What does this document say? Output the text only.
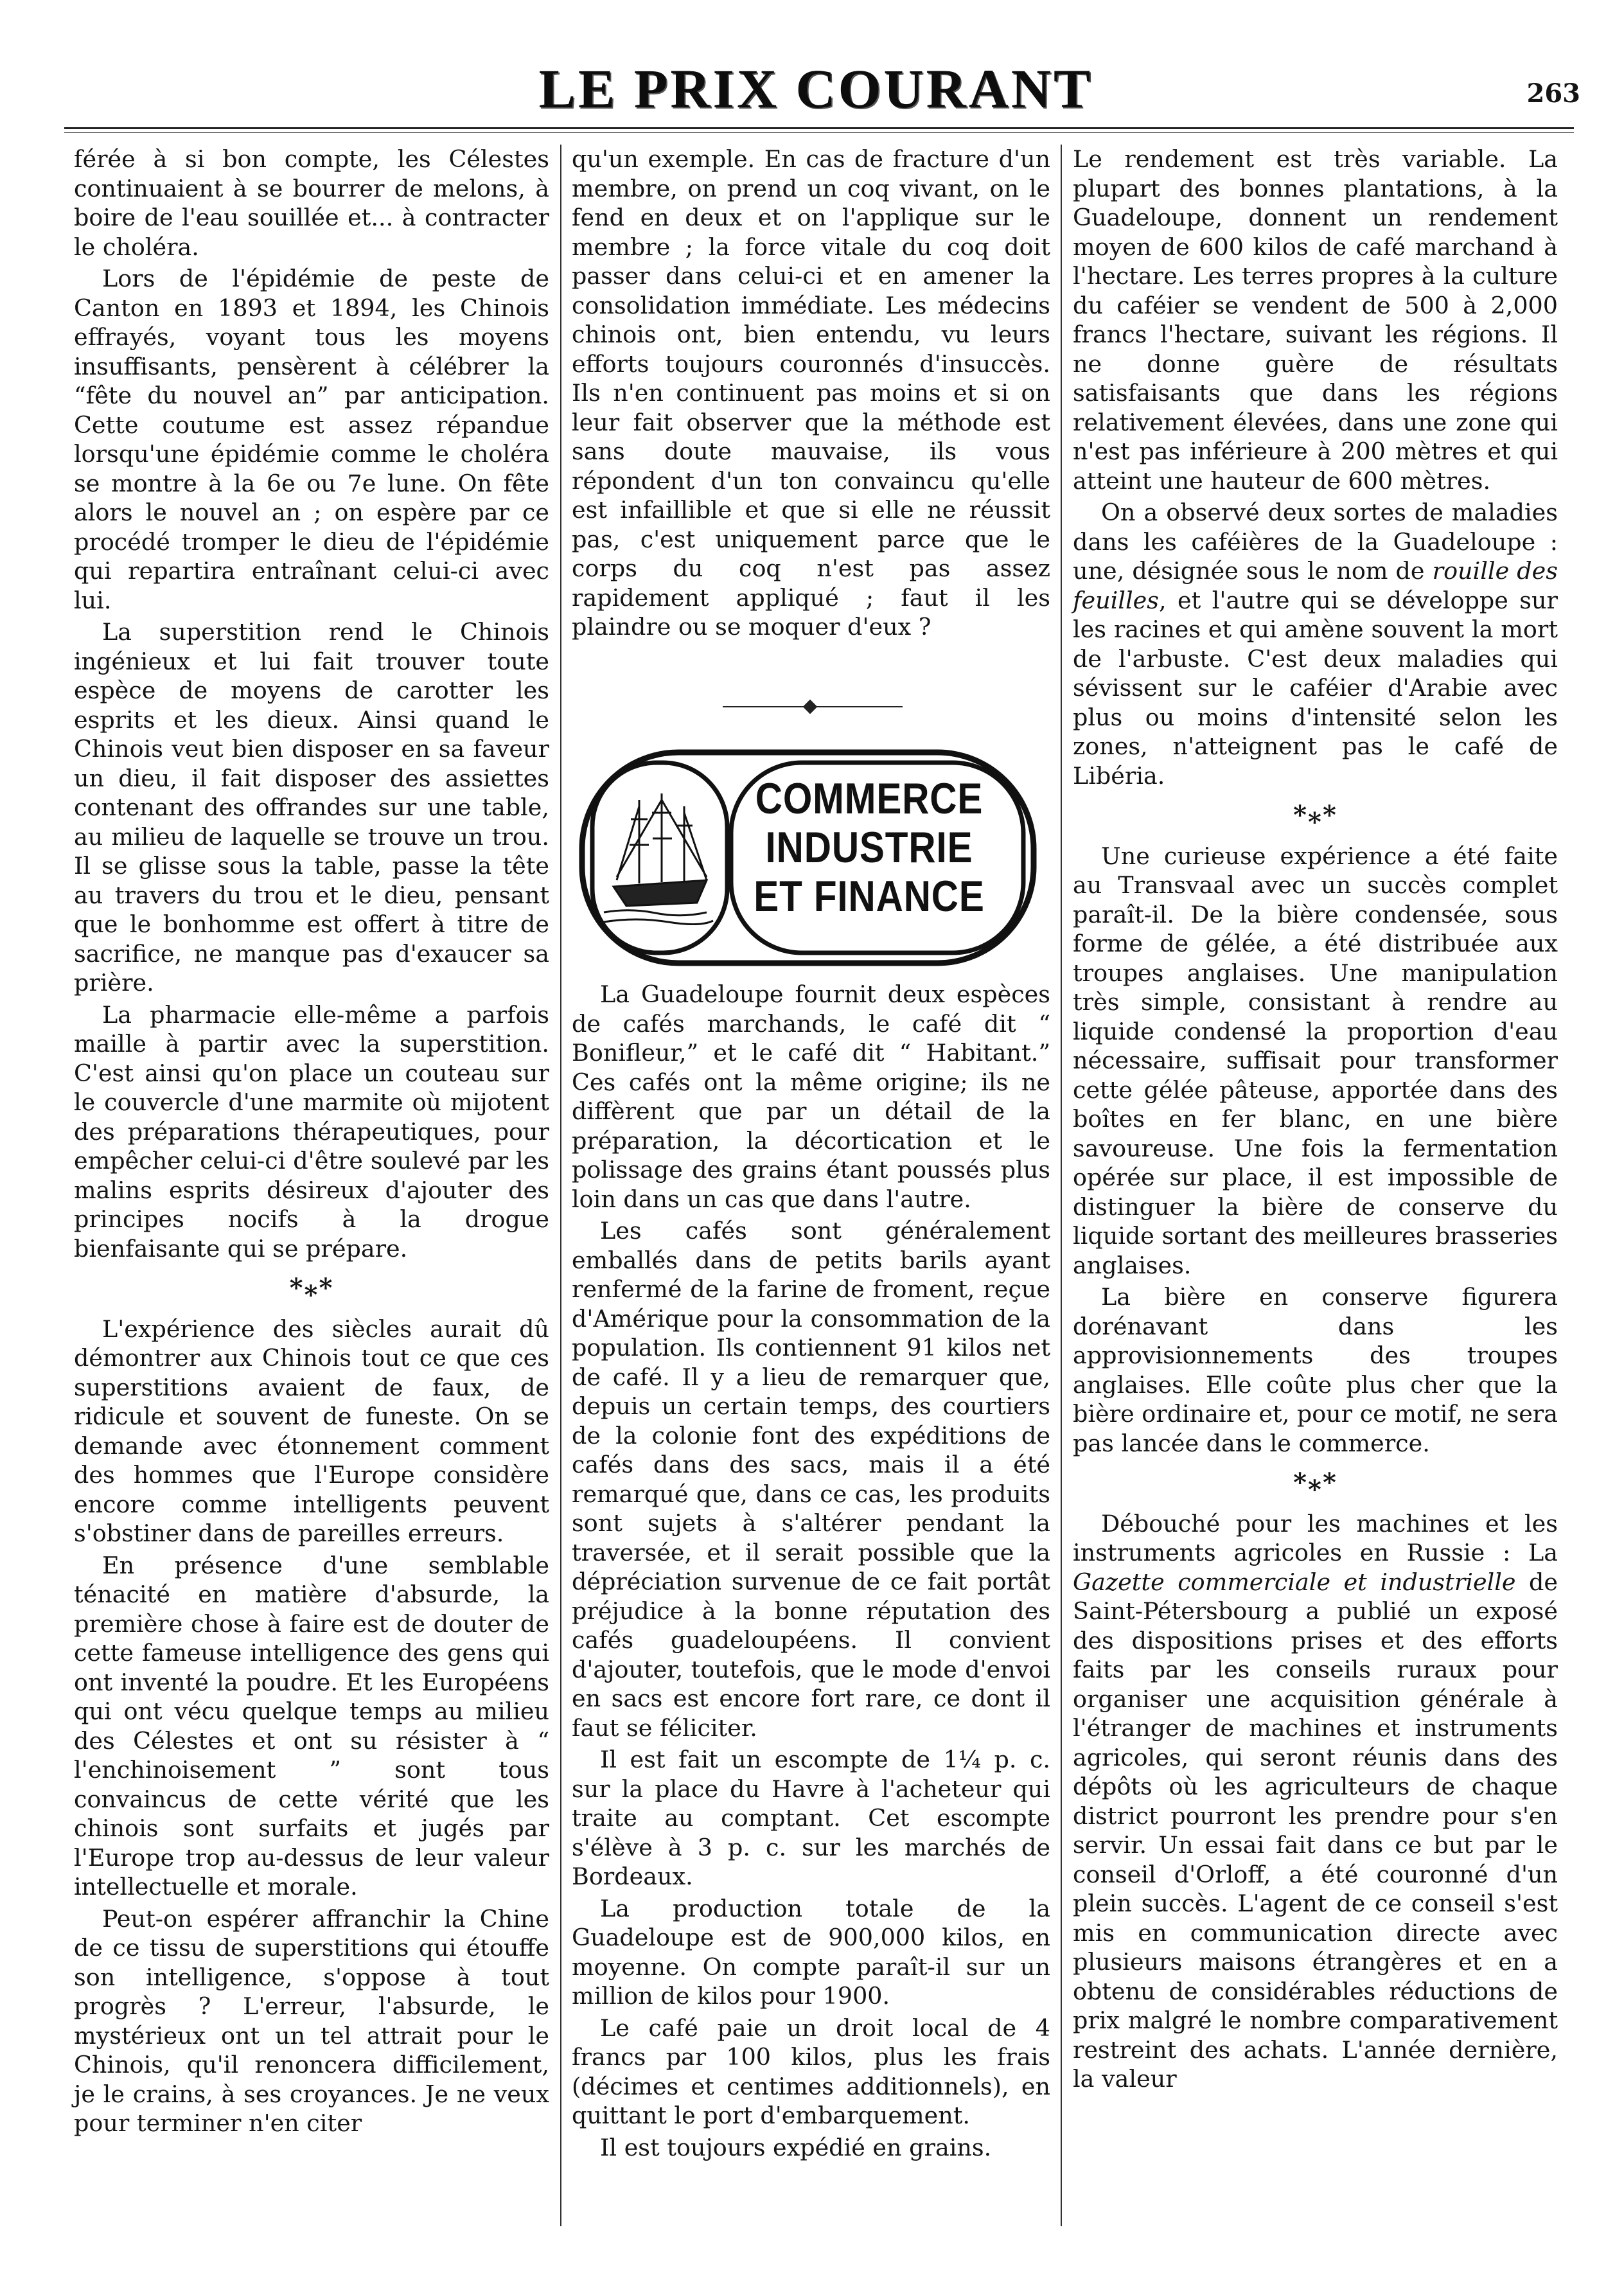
LE PRIX COURANT	263

férée à si bon compte, les Célestes continuaient à se bourrer de melons, à boire de l'eau souillée et... à contracter le choléra.

Lors de l'épidémie de peste de Canton en 1893 et 1894, les Chinois effrayés, voyant tous les moyens insuffisants, pensèrent à célébrer la “fête du nouvel an” par anticipation. Cette coutume est assez répandue lorsqu'une épidémie comme le choléra se montre à la 6e ou 7e lune. On fête alors le nouvel an ; on espère par ce procédé tromper le dieu de l'épidémie qui repartira entraînant celui-ci avec lui.

La superstition rend le Chinois ingénieux et lui fait trouver toute espèce de moyens de carotter les esprits et les dieux. Ainsi quand le Chinois veut bien disposer en sa faveur un dieu, il fait disposer des assiettes contenant des offrandes sur une table, au milieu de laquelle se trouve un trou. Il se glisse sous la table, passe la tête au travers du trou et le dieu, pensant que le bonhomme est offert à titre de sacrifice, ne manque pas d'exaucer sa prière.

La pharmacie elle-même a parfois maille à partir avec la superstition. C'est ainsi qu'on place un couteau sur le couvercle d'une marmite où mijotent des préparations thérapeutiques, pour empêcher celui-ci d'être soulevé par les malins esprits désireux d'ajouter des principes nocifs à la drogue bienfaisante qui se prépare.

*⁎*

L'expérience des siècles aurait dû démontrer aux Chinois tout ce que ces superstitions avaient de faux, de ridicule et souvent de funeste. On se demande avec étonnement comment des hommes que l'Europe considère encore comme intelligents peuvent s'obstiner dans de pareilles erreurs.

En présence d'une semblable ténacité en matière d'absurde, la première chose à faire est de douter de cette fameuse intelligence des gens qui ont inventé la poudre. Et les Européens qui ont vécu quelque temps au milieu des Célestes et ont su résister à “ l'enchinoisement ” sont tous convaincus de cette vérité que les chinois sont surfaits et jugés par l'Europe trop au-dessus de leur valeur intellectuelle et morale.

Peut-on espérer affranchir la Chine de ce tissu de superstitions qui étouffe son intelligence, s'oppose à tout progrès ? L'erreur, l'absurde, le mystérieux ont un tel attrait pour le Chinois, qu'il renoncera difficilement, je le crains, à ses croyances. Je ne veux pour terminer n'en citer

qu'un exemple. En cas de fracture d'un membre, on prend un coq vivant, on le fend en deux et on l'applique sur le membre ; la force vitale du coq doit passer dans celui-ci et en amener la consolidation immédiate. Les médecins chinois ont, bien entendu, vu leurs efforts toujours couronnés d'insuccès. Ils n'en continuent pas moins et si on leur fait observer que la méthode est sans doute mauvaise, ils vous répondent d'un ton convaincu qu'elle est infaillible et que si elle ne réussit pas, c'est uniquement parce que le corps du coq n'est pas assez rapidement appliqué ; faut il les plaindre ou se moquer d'eux ?

COMMERCE
INDUSTRIE
ET FINANCE

La Guadeloupe fournit deux espèces de cafés marchands, le café dit “ Bonifleur,” et le café dit “ Habitant.” Ces cafés ont la même origine; ils ne diffèrent que par un détail de la préparation, la décortication et le polissage des grains étant poussés plus loin dans un cas que dans l'autre.

Les cafés sont généralement emballés dans de petits barils ayant renfermé de la farine de froment, reçue d'Amérique pour la consommation de la population. Ils contiennent 91 kilos net de café. Il y a lieu de remarquer que, depuis un certain temps, des courtiers de la colonie font des expéditions de cafés dans des sacs, mais il a été remarqué que, dans ce cas, les produits sont sujets à s'altérer pendant la traversée, et il serait possible que la dépréciation survenue de ce fait portât préjudice à la bonne réputation des cafés guadeloupéens. Il convient d'ajouter, toutefois, que le mode d'envoi en sacs est encore fort rare, ce dont il faut se féliciter.

Il est fait un escompte de 1¼ p. c. sur la place du Havre à l'acheteur qui traite au comptant. Cet escompte s'élève à 3 p. c. sur les marchés de Bordeaux.

La production totale de la Guadeloupe est de 900,000 kilos, en moyenne. On compte paraît-il sur un million de kilos pour 1900.

Le café paie un droit local de 4 francs par 100 kilos, plus les frais (décimes et centimes additionnels), en quittant le port d'embarquement.

Il est toujours expédié en grains.

Le rendement est très variable. La plupart des bonnes plantations, à la Guadeloupe, donnent un rendement moyen de 600 kilos de café marchand à l'hectare. Les terres propres à la culture du caféier se vendent de 500 à 2,000 francs l'hectare, suivant les régions. Il ne donne guère de résultats satisfaisants que dans les régions relativement élevées, dans une zone qui n'est pas inférieure à 200 mètres et qui atteint une hauteur de 600 mètres.

On a observé deux sortes de maladies dans les caféières de la Guadeloupe : une, désignée sous le nom de rouille des feuilles, et l'autre qui se développe sur les racines et qui amène souvent la mort de l'arbuste. C'est deux maladies qui sévissent sur le caféier d'Arabie avec plus ou moins d'intensité selon les zones, n'atteignent pas le café de Libéria.

*⁎*

Une curieuse expérience a été faite au Transvaal avec un succès complet paraît-il. De la bière condensée, sous forme de gélée, a été distribuée aux troupes anglaises. Une manipulation très simple, consistant à rendre au liquide condensé la proportion d'eau nécessaire, suffisait pour transformer cette gélée pâteuse, apportée dans des boîtes en fer blanc, en une bière savoureuse. Une fois la fermentation opérée sur place, il est impossible de distinguer la bière de conserve du liquide sortant des meilleures brasseries anglaises.

La bière en conserve figurera dorénavant dans les approvisionnements des troupes anglaises. Elle coûte plus cher que la bière ordinaire et, pour ce motif, ne sera pas lancée dans le commerce.

*⁎*

Débouché pour les machines et les instruments agricoles en Russie : La Gazette commerciale et industrielle de Saint-Pétersbourg a publié un exposé des dispositions prises et des efforts faits par les conseils ruraux pour organiser une acquisition générale à l'étranger de machines et instruments agricoles, qui seront réunis dans des dépôts où les agriculteurs de chaque district pourront les prendre pour s'en servir. Un essai fait dans ce but par le conseil d'Orloff, a été couronné d'un plein succès. L'agent de ce conseil s'est mis en communication directe avec plusieurs maisons étrangères et en a obtenu de considérables réductions de prix malgré le nombre comparativement restreint des achats. L'année dernière, la valeur
